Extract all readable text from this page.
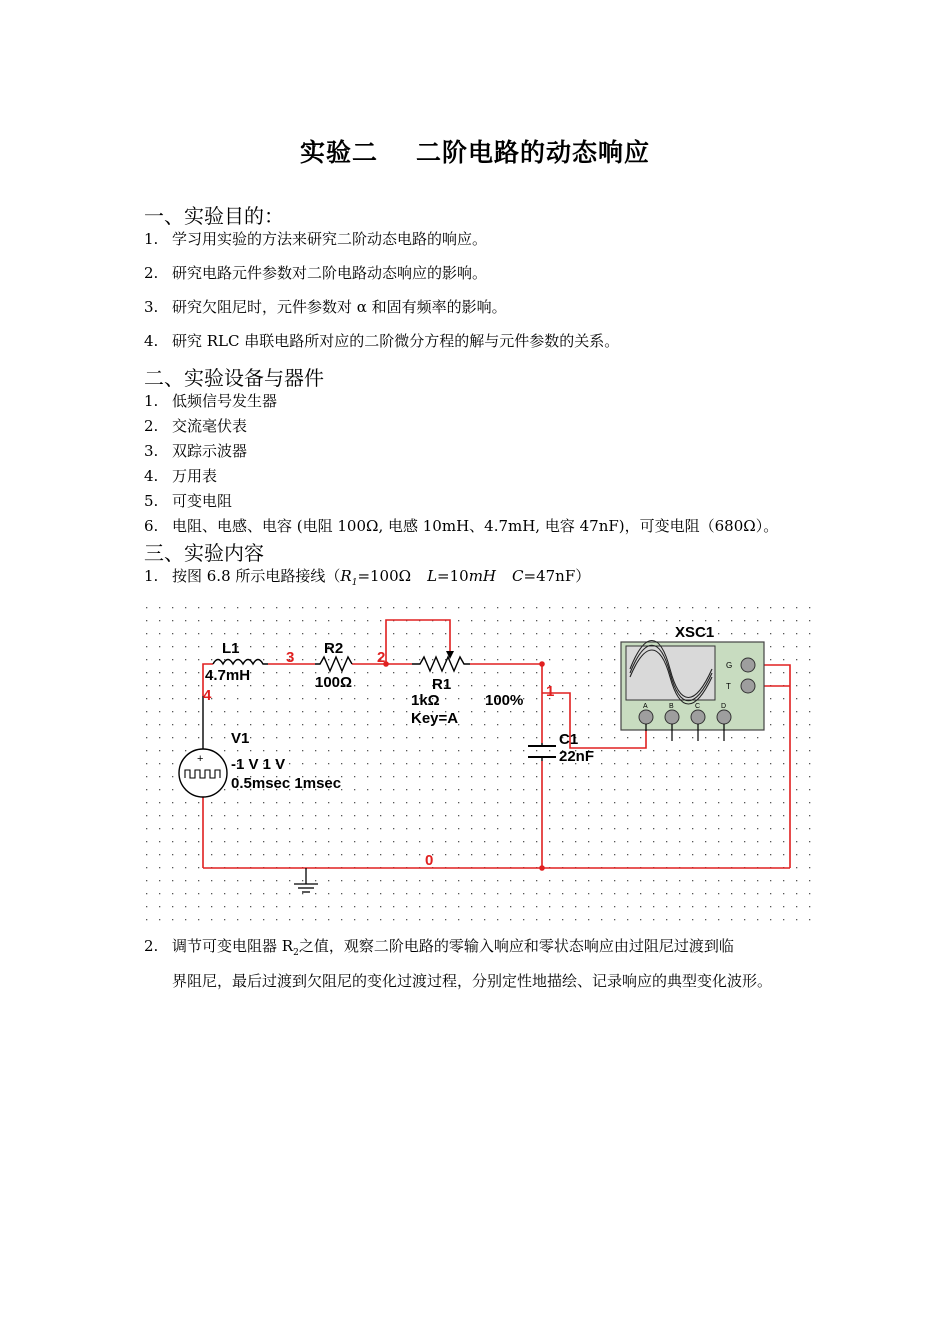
实验二 二阶电路的动态响应
一、实验目的：
1. 学习用实验的方法来研究二阶动态电路的响应。
2. 研究电路元件参数对二阶电路动态响应的影响。
3. 研究欠阻尼时，元件参数对 α 和固有频率的影响。
4. 研究 RLC 串联电路所对应的二阶微分方程的解与元件参数的关系。
二、实验设备与器件
1. 低频信号发生器
2. 交流毫伏表
3. 双踪示波器
4. 万用表
5. 可变电阻
6. 电阻、电感、电容 (电阻 100Ω, 电感 10mH、4.7mH, 电容 47nF)，可变电阻（680Ω）。
三、实验内容
1. 按图 6.8 所示电路接线（$R_1=100\Omega$ L=10mH C=47nF）
L1
4.7mH
R2
100Ω	R1
1kΩ
Key=A
100%
C1
22nF
+
V1
-1 V 1 V
0.5msec 1msec
XSC1
G
T
A	B	C	D
3	2
1
4
0
2. 调节可变电阻器 $R_2$之值，观察二阶电路的零输入响应和零状态响应由过阻尼过渡到临
界阻尼，最后过渡到欠阻尼的变化过渡过程，分别定性地描绘、记录响应的典型变化波形。
